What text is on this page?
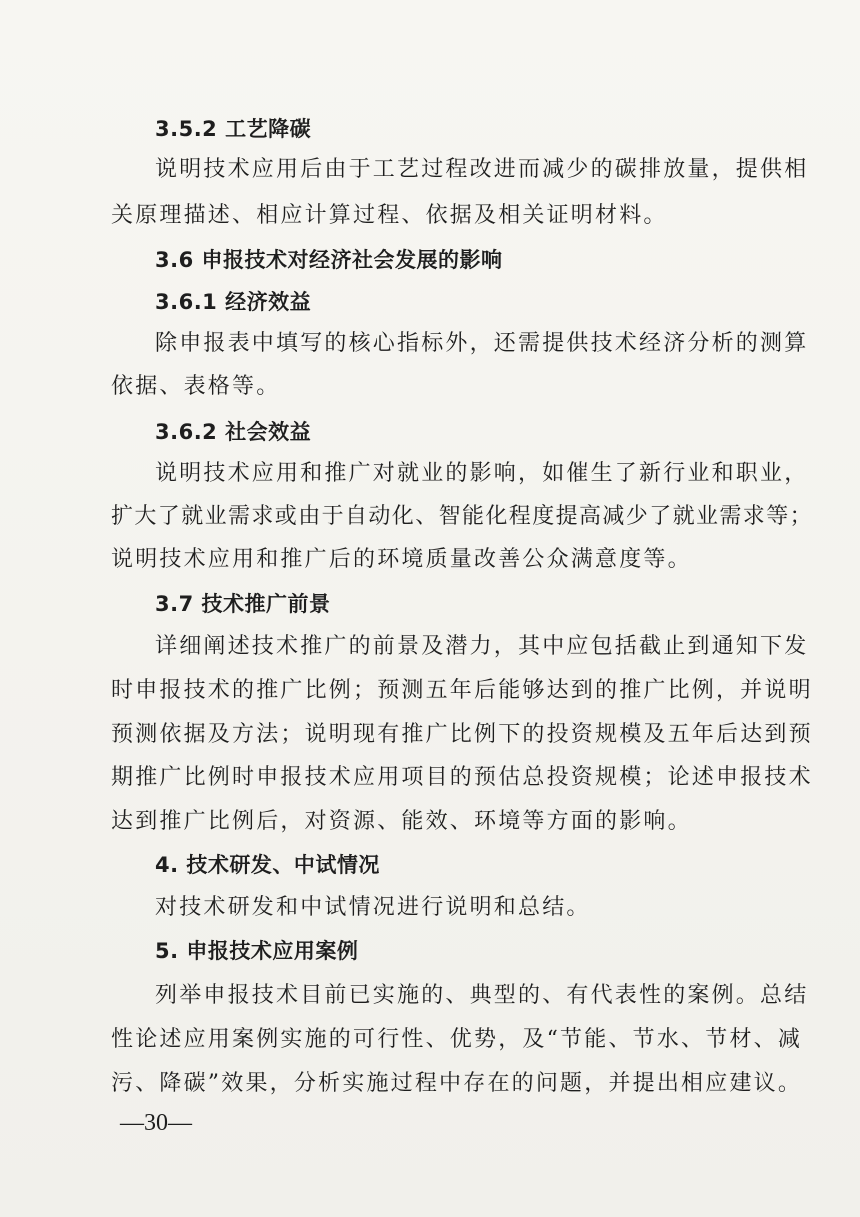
3.5.2 工艺降碳
说明技术应用后由于工艺过程改进而减少的碳排放量，提供相
关原理描述、相应计算过程、依据及相关证明材料。
3.6 申报技术对经济社会发展的影响
3.6.1 经济效益
除申报表中填写的核心指标外，还需提供技术经济分析的测算
依据、表格等。
3.6.2 社会效益
说明技术应用和推广对就业的影响，如催生了新行业和职业，
扩大了就业需求或由于自动化、智能化程度提高减少了就业需求等；
说明技术应用和推广后的环境质量改善公众满意度等。
3.7 技术推广前景
详细阐述技术推广的前景及潜力，其中应包括截止到通知下发
时申报技术的推广比例；预测五年后能够达到的推广比例，并说明
预测依据及方法；说明现有推广比例下的投资规模及五年后达到预
期推广比例时申报技术应用项目的预估总投资规模；论述申报技术
达到推广比例后，对资源、能效、环境等方面的影响。
4. 技术研发、中试情况
对技术研发和中试情况进行说明和总结。
5. 申报技术应用案例
列举申报技术目前已实施的、典型的、有代表性的案例。总结
性论述应用案例实施的可行性、优势，及“节能、节水、节材、减
污、降碳”效果，分析实施过程中存在的问题，并提出相应建议。
—30—
